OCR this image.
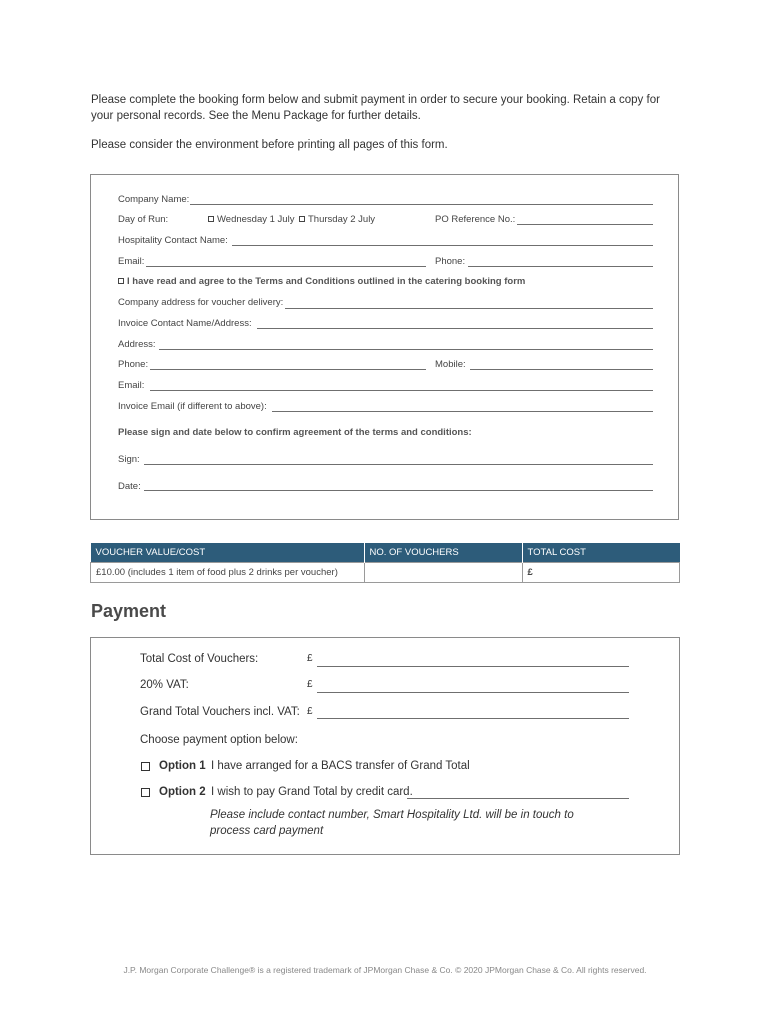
Please complete the booking form below and submit payment in order to secure your booking. Retain a copy for your personal records. See the Menu Package for further details.
Please consider the environment before printing all pages of this form.
Company Name:
Day of Run:	Wednesday 1 July	Thursday 2 July	PO Reference No.:
Hospitality Contact Name:
Email:	Phone:
I have read and agree to the Terms and Conditions outlined in the catering booking form
Company address for voucher delivery:
Invoice Contact Name/Address:
Address:
Phone:	Mobile:
Email:
Invoice Email (if different to above):
Please sign and date below to confirm agreement of the terms and conditions:
Sign:
Date:
VOUCHER VALUE/COST	NO. OF VOUCHERS	TOTAL COST
£10.00 (includes 1 item of food plus 2 drinks per voucher)		£
Payment
Total Cost of Vouchers:	£
20% VAT:	£
Grand Total Vouchers incl. VAT: £
Choose payment option below:
Option 1 I have arranged for a BACS transfer of Grand Total
Option 2 I wish to pay Grand Total by credit card.
Please include contact number, Smart Hospitality Ltd. will be in touch to process card payment
J.P. Morgan Corporate Challenge® is a registered trademark of JPMorgan Chase & Co. © 2020 JPMorgan Chase & Co. All rights reserved.
